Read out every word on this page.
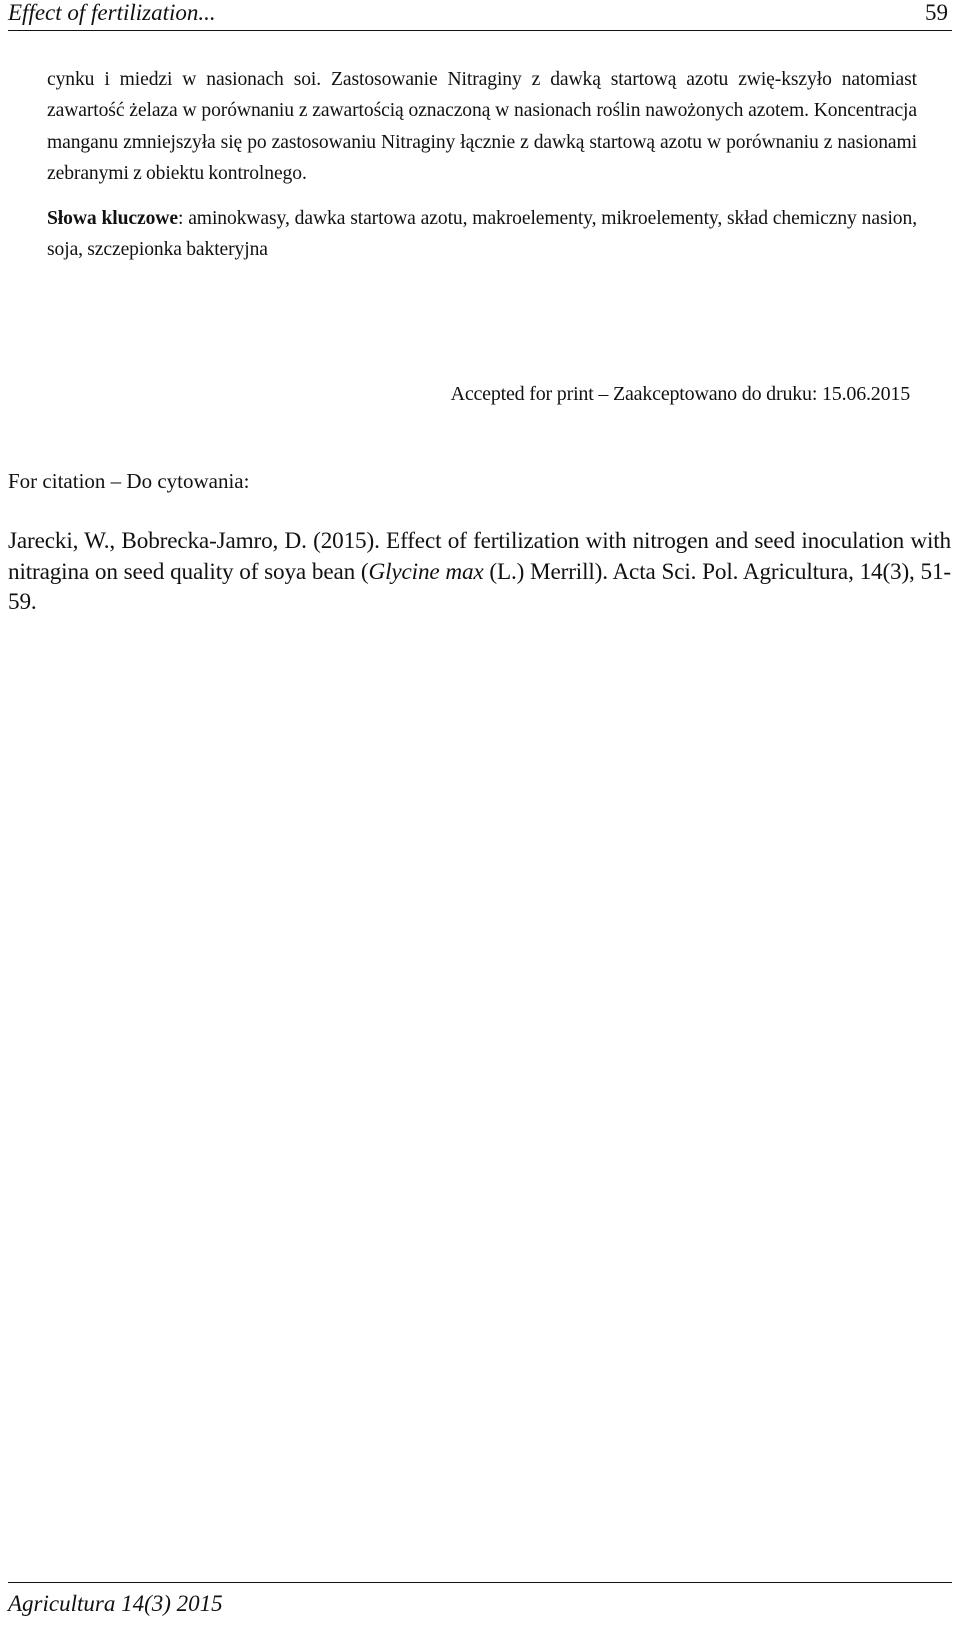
Effect of fertilization...	59

cynku i miedzi w nasionach soi. Zastosowanie Nitraginy z dawką startową azotu zwię-kszyło natomiast zawartość żelaza w porównaniu z zawartością oznaczoną w nasionach roślin nawożonych azotem. Koncentracja manganu zmniejszyła się po zastosowaniu Nitraginy łącznie z dawką startową azotu w porównaniu z nasionami zebranymi z obiektu kontrolnego.

Słowa kluczowe: aminokwasy, dawka startowa azotu, makroelementy, mikroelementy, skład chemiczny nasion, soja, szczepionka bakteryjna

Accepted for print – Zaakceptowano do druku: 15.06.2015
For citation – Do cytowania:

Jarecki, W., Bobrecka-Jamro, D. (2015). Effect of fertilization with nitrogen and seed inoculation with nitragina on seed quality of soya bean (Glycine max (L.) Merrill). Acta Sci. Pol. Agricultura, 14(3), 51-59.

Agricultura 14(3) 2015
